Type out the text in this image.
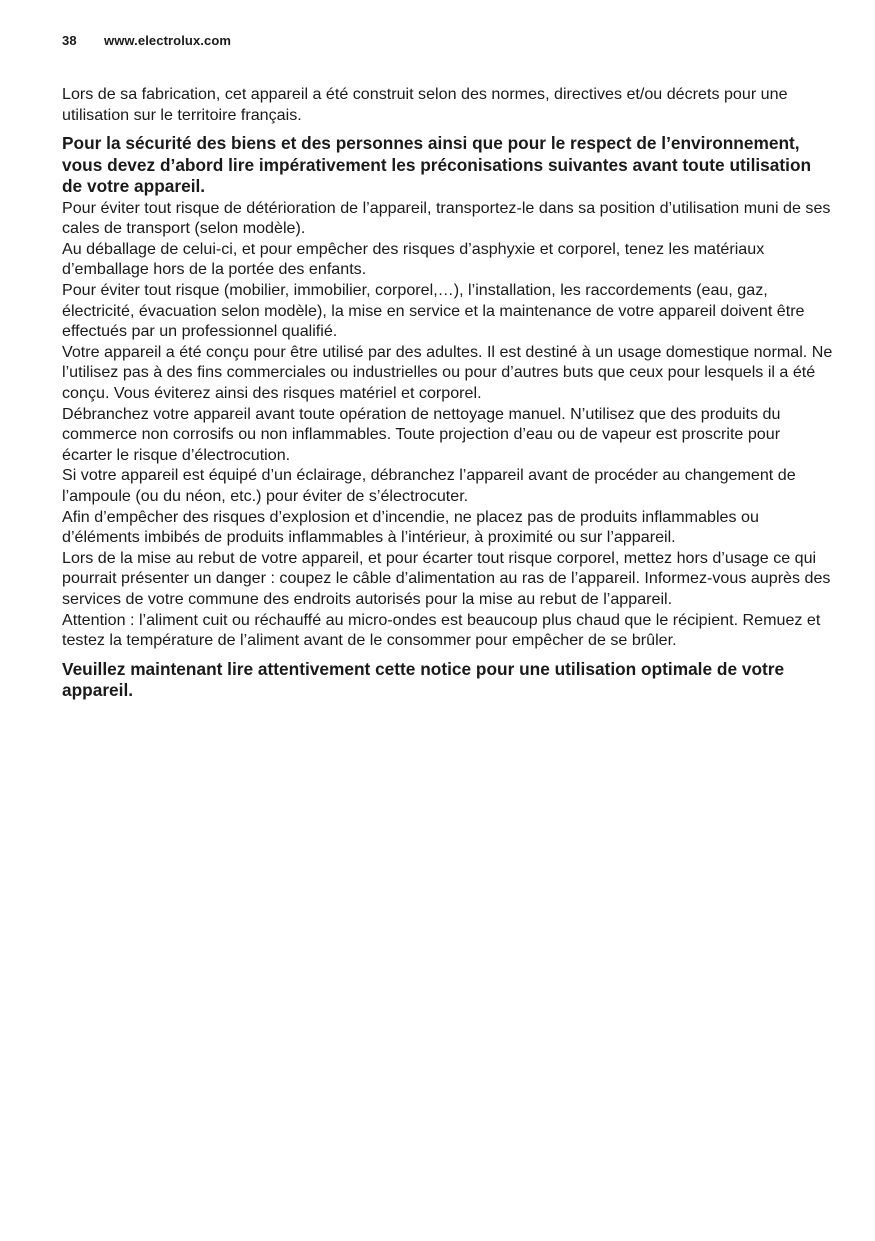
38 www.electrolux.com

Lors de sa fabrication, cet appareil a été construit selon des normes, directives et/ou décrets pour une utilisation sur le territoire français.

Pour la sécurité des biens et des personnes ainsi que pour le respect de l’environnement, vous devez d’abord lire impérativement les préconisations suivantes avant toute utilisation de votre appareil.

Pour éviter tout risque de détérioration de l’appareil, transportez-le dans sa position d’utilisation muni de ses cales de transport (selon modèle).

Au déballage de celui-ci, et pour empêcher des risques d’asphyxie et corporel, tenez les matériaux d’emballage hors de la portée des enfants.

Pour éviter tout risque (mobilier, immobilier, corporel,…), l’installation, les raccordements (eau, gaz, électricité, évacuation selon modèle), la mise en service et la maintenance de votre appareil doivent être effectués par un professionnel qualifié.

Votre appareil a été conçu pour être utilisé par des adultes. Il est destiné à un usage domestique normal. Ne l’utilisez pas à des fins commerciales ou industrielles ou pour d’autres buts que ceux pour lesquels il a été conçu. Vous éviterez ainsi des risques matériel et corporel.

Débranchez votre appareil avant toute opération de nettoyage manuel. N’utilisez que des produits du commerce non corrosifs ou non inflammables. Toute projection d’eau ou de vapeur est proscrite pour écarter le risque d’électrocution.

Si votre appareil est équipé d’un éclairage, débranchez l’appareil avant de procéder au changement de l’ampoule (ou du néon, etc.) pour éviter de s’électrocuter.

Afin d’empêcher des risques d’explosion et d’incendie, ne placez pas de produits inflammables ou d’éléments imbibés de produits inflammables à l’intérieur, à proximité ou sur l’appareil.

Lors de la mise au rebut de votre appareil, et pour écarter tout risque corporel, mettez hors d’usage ce qui pourrait présenter un danger : coupez le câble d’alimentation au ras de l’appareil. Informez-vous auprès des services de votre commune des endroits autorisés pour la mise au rebut de l’appareil.

Attention : l’aliment cuit ou réchauffé au micro-ondes est beaucoup plus chaud que le récipient. Remuez et testez la température de l’aliment avant de le consommer pour empêcher de se brûler.

Veuillez maintenant lire attentivement cette notice pour une utilisation optimale de votre appareil.
